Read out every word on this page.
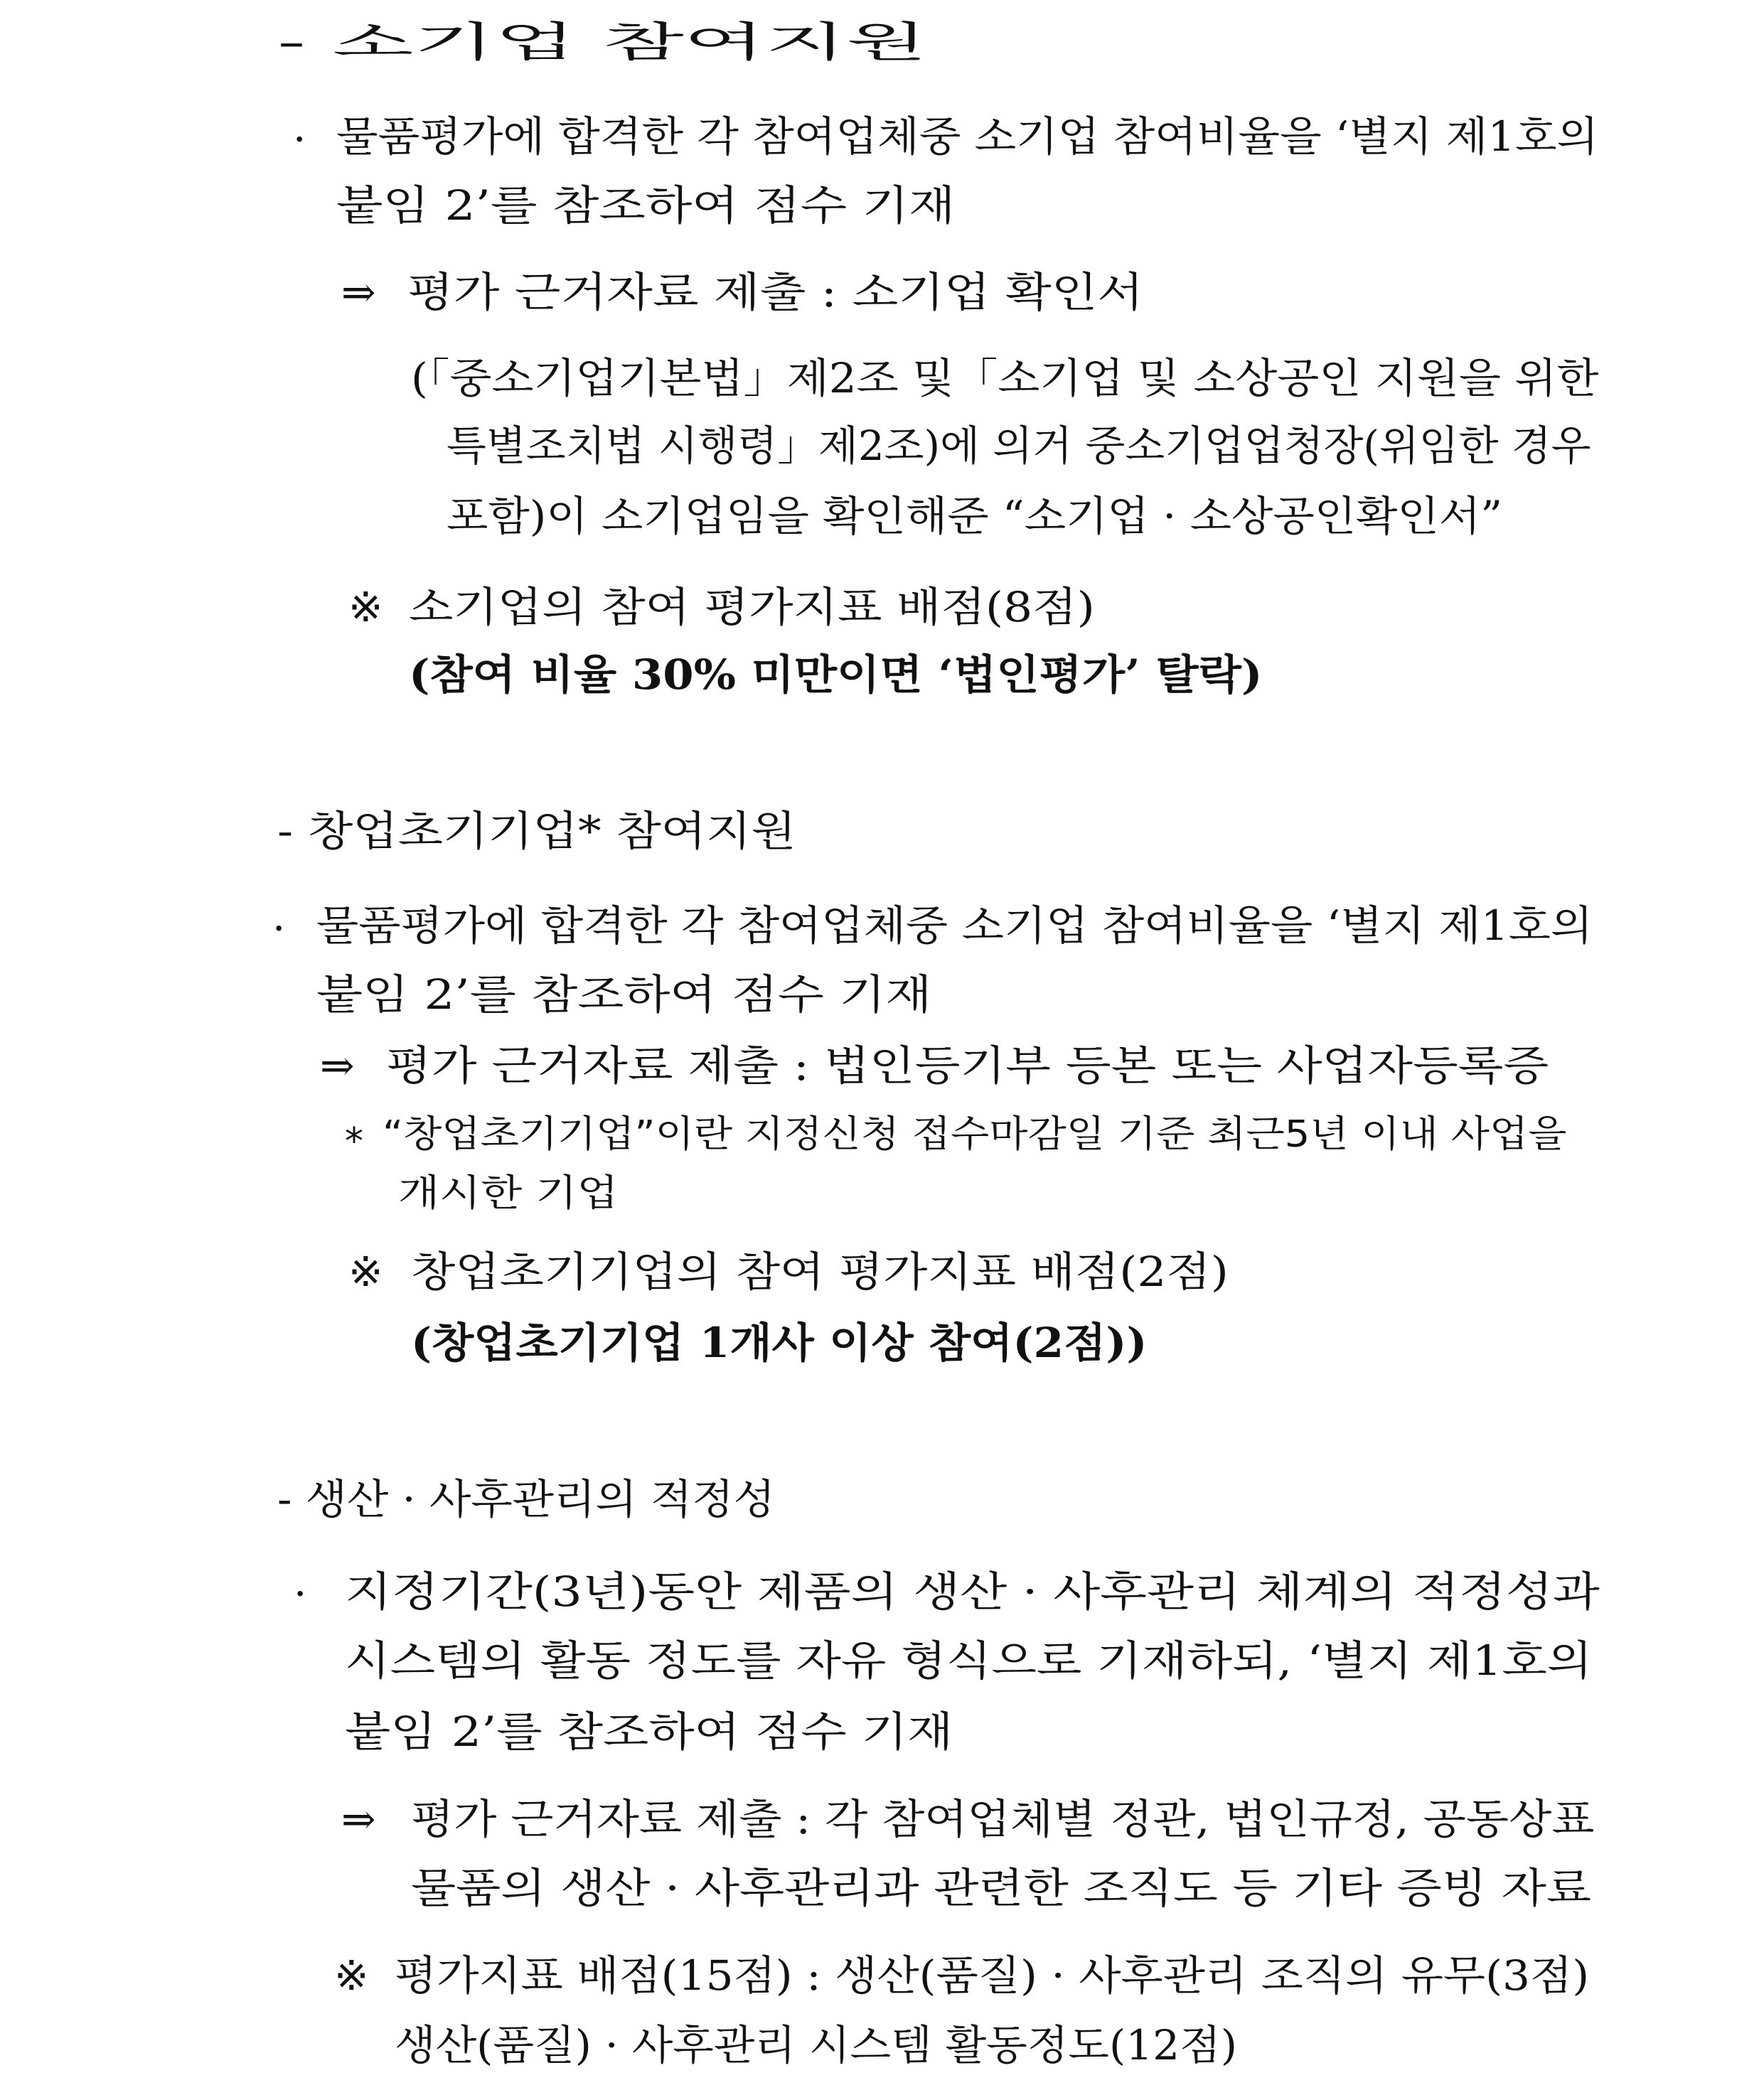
- 소기업 참여지원

· 물품평가에 합격한 각 참여업체중 소기업 참여비율을 ‘별지 제1호의

붙임 2’를 참조하여 점수 기재

⇒ 평가 근거자료 제출 : 소기업 확인서

(「중소기업기본법」제2조 및「소기업 및 소상공인 지원을 위한

특별조치법 시행령」제2조)에 의거 중소기업업청장(위임한 경우

포함)이 소기업임을 확인해준 “소기업 · 소상공인확인서”

※ 소기업의 참여 평가지표 배점(8점)

(참여 비율 30% 미만이면 ‘법인평가’ 탈락)

- 창업초기기업* 참여지원

· 물품평가에 합격한 각 참여업체중 소기업 참여비율을 ‘별지 제1호의

붙임 2’를 참조하여 점수 기재

⇒ 평가 근거자료 제출 : 법인등기부 등본 또는 사업자등록증

* “창업초기기업”이란 지정신청 접수마감일 기준 최근5년 이내 사업을

개시한 기업

※ 창업초기기업의 참여 평가지표 배점(2점)

(창업초기기업 1개사 이상 참여(2점))

- 생산 · 사후관리의 적정성

· 지정기간(3년)동안 제품의 생산 · 사후관리 체계의 적정성과

시스템의 활동 정도를 자유 형식으로 기재하되, ‘별지 제1호의

붙임 2’를 참조하여 점수 기재

⇒ 평가 근거자료 제출 : 각 참여업체별 정관, 법인규정, 공동상표

물품의 생산 · 사후관리과 관련한 조직도 등 기타 증빙 자료

※ 평가지표 배점(15점) : 생산(품질) · 사후관리 조직의 유무(3점)

생산(품질) · 사후관리 시스템 활동정도(12점)
